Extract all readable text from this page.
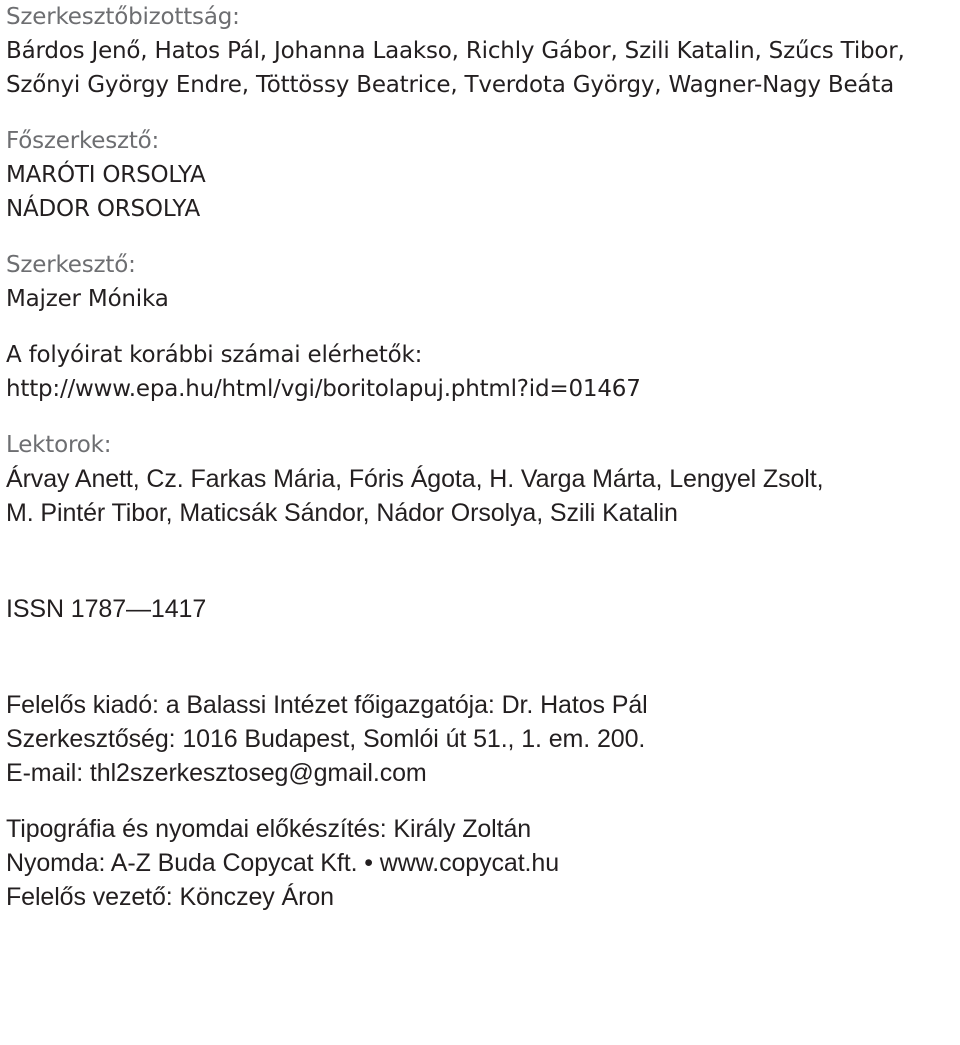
Szerkesztőbizottság:
Bárdos Jenő, Hatos Pál, Johanna Laakso, Richly Gábor, Szili Katalin, Szűcs Tibor,
Szőnyi György Endre, Töttössy Beatrice, Tverdota György, Wagner-Nagy Beáta
Főszerkesztő:
MARÓTI ORSOLYA
NÁDOR ORSOLYA
Szerkesztő:
Majzer Mónika
A folyóirat korábbi számai elérhetők:
http://www.epa.hu/html/vgi/boritolapuj.phtml?id=01467
Lektorok:
Árvay Anett, Cz. Farkas Mária, Fóris Ágota, H. Varga Márta, Lengyel Zsolt,
M. Pintér Tibor, Maticsák Sándor, Nádor Orsolya, Szili Katalin
ISSN 1787—1417
Felelős kiadó: a Balassi Intézet főigazgatója: Dr. Hatos Pál
Szerkesztőség: 1016 Budapest, Somlói út 51., 1. em. 200.
E-mail: thl2szerkesztoseg@gmail.com
Tipográfia és nyomdai előkészítés: Király Zoltán
Nyomda: A-Z Buda Copycat Kft. • www.copycat.hu
Felelős vezető: Könczey Áron
